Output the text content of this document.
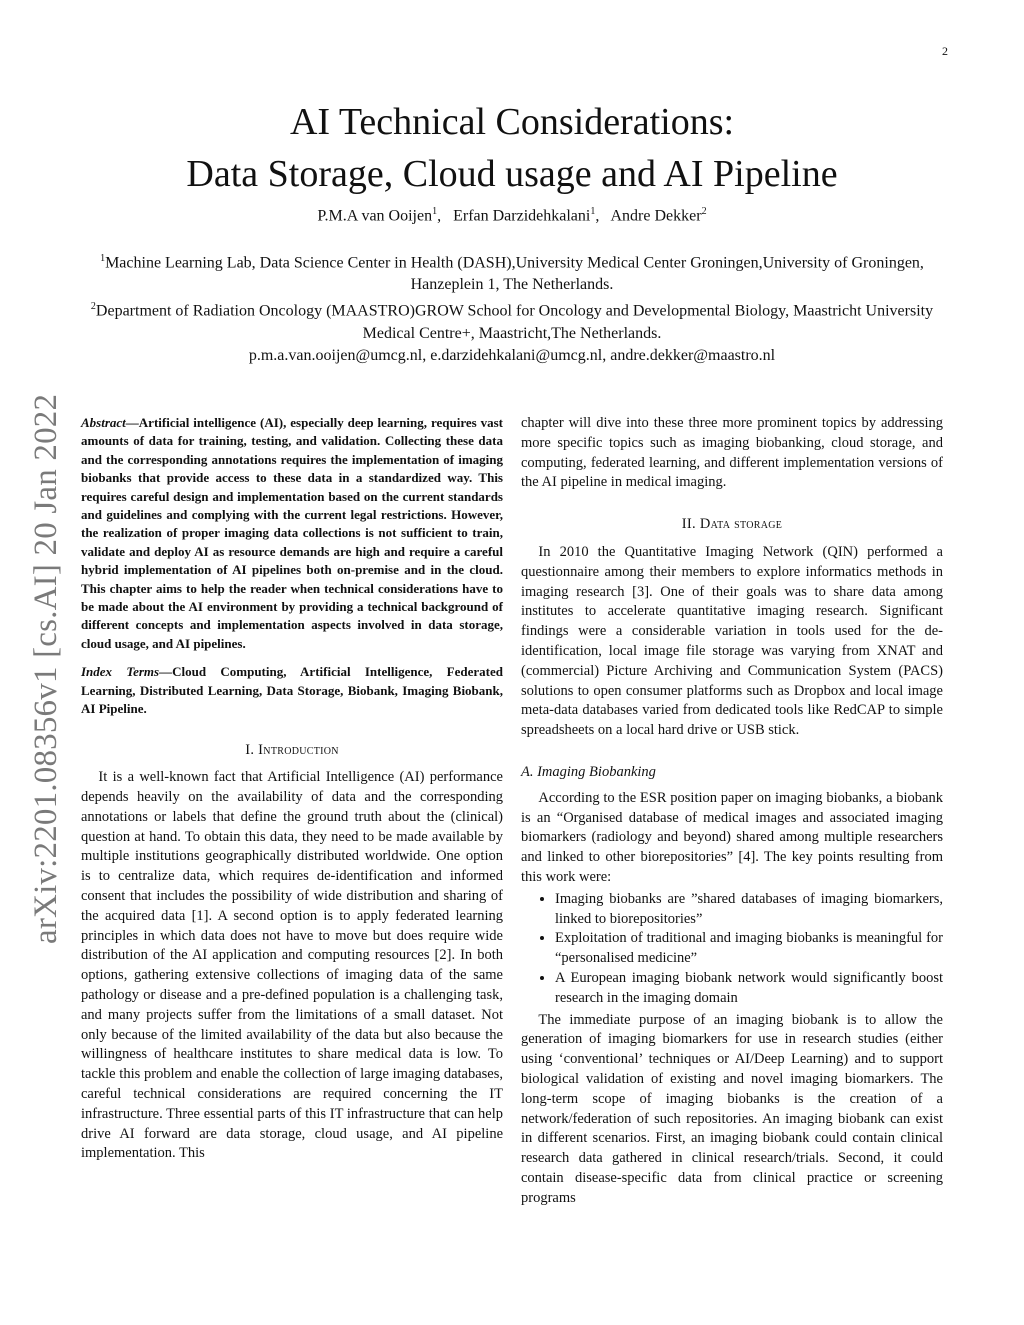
2
arXiv:2201.08356v1 [cs.AI] 20 Jan 2022
AI Technical Considerations:
Data Storage, Cloud usage and AI Pipeline
P.M.A van Ooijen$^1$,   Erfan Darzidehkalani$^1$,   Andre Dekker$^2$

$^1$Machine Learning Lab, Data Science Center in Health (DASH),University Medical Center Groningen,University of Groningen, Hanzeplein 1, The Netherlands.

$^2$Department of Radiation Oncology (MAASTRO)GROW School for Oncology and Developmental Biology, Maastricht University Medical Centre+, Maastricht,The Netherlands.

p.m.a.van.ooijen@umcg.nl, e.darzidehkalani@umcg.nl, andre.dekker@maastro.nl

Abstract—Artificial intelligence (AI), especially deep learning, requires vast amounts of data for training, testing, and validation. Collecting these data and the corresponding annotations requires the implementation of imaging biobanks that provide access to these data in a standardized way. This requires careful design and implementation based on the current standards and guidelines and complying with the current legal restrictions. However, the realization of proper imaging data collections is not sufficient to train, validate and deploy AI as resource demands are high and require a careful hybrid implementation of AI pipelines both on-premise and in the cloud. This chapter aims to help the reader when technical considerations have to be made about the AI environment by providing a technical background of different concepts and implementation aspects involved in data storage, cloud usage, and AI pipelines.

Index Terms—Cloud Computing, Artificial Intelligence, Federated Learning, Distributed Learning, Data Storage, Biobank, Imaging Biobank, AI Pipeline.

I. Introduction

It is a well-known fact that Artificial Intelligence (AI) performance depends heavily on the availability of data and the corresponding annotations or labels that define the ground truth about the (clinical) question at hand. To obtain this data, they need to be made available by multiple institutions geographically distributed worldwide. One option is to centralize data, which requires de-identification and informed consent that includes the possibility of wide distribution and sharing of the acquired data [1]. A second option is to apply federated learning principles in which data does not have to move but does require wide distribution of the AI application and computing resources [2]. In both options, gathering extensive collections of imaging data of the same pathology or disease and a pre-defined population is a challenging task, and many projects suffer from the limitations of a small dataset. Not only because of the limited availability of the data but also because the willingness of healthcare institutes to share medical data is low. To tackle this problem and enable the collection of large imaging databases, careful technical considerations are required concerning the IT infrastructure. Three essential parts of this IT infrastructure that can help drive AI forward are data storage, cloud usage, and AI pipeline implementation. This

chapter will dive into these three more prominent topics by addressing more specific topics such as imaging biobanking, cloud storage, and computing, federated learning, and different implementation versions of the AI pipeline in medical imaging.

II. Data storage

In 2010 the Quantitative Imaging Network (QIN) performed a questionnaire among their members to explore informatics methods in imaging research [3]. One of their goals was to share data among institutes to accelerate quantitative imaging research. Significant findings were a considerable variation in tools used for the de-identification, local image file storage was varying from XNAT and (commercial) Picture Archiving and Communication System (PACS) solutions to open consumer platforms such as Dropbox and local image meta-data databases varied from dedicated tools like RedCAP to simple spreadsheets on a local hard drive or USB stick.

A. Imaging Biobanking

According to the ESR position paper on imaging biobanks, a biobank is an “Organised database of medical images and associated imaging biomarkers (radiology and beyond) shared among multiple researchers and linked to other biorepositories” [4]. The key points resulting from this work were:

• Imaging biobanks are ”shared databases of imaging biomarkers, linked to biorepositories”
• Exploitation of traditional and imaging biobanks is meaningful for “personalised medicine”
• A European imaging biobank network would significantly boost research in the imaging domain

The immediate purpose of an imaging biobank is to allow the generation of imaging biomarkers for use in research studies (either using ‘conventional’ techniques or AI/Deep Learning) and to support biological validation of existing and novel imaging biomarkers. The long-term scope of imaging biobanks is the creation of a network/federation of such repositories. An imaging biobank can exist in different scenarios. First, an imaging biobank could contain clinical research data gathered in clinical research/trials. Second, it could contain disease-specific data from clinical practice or screening programs
